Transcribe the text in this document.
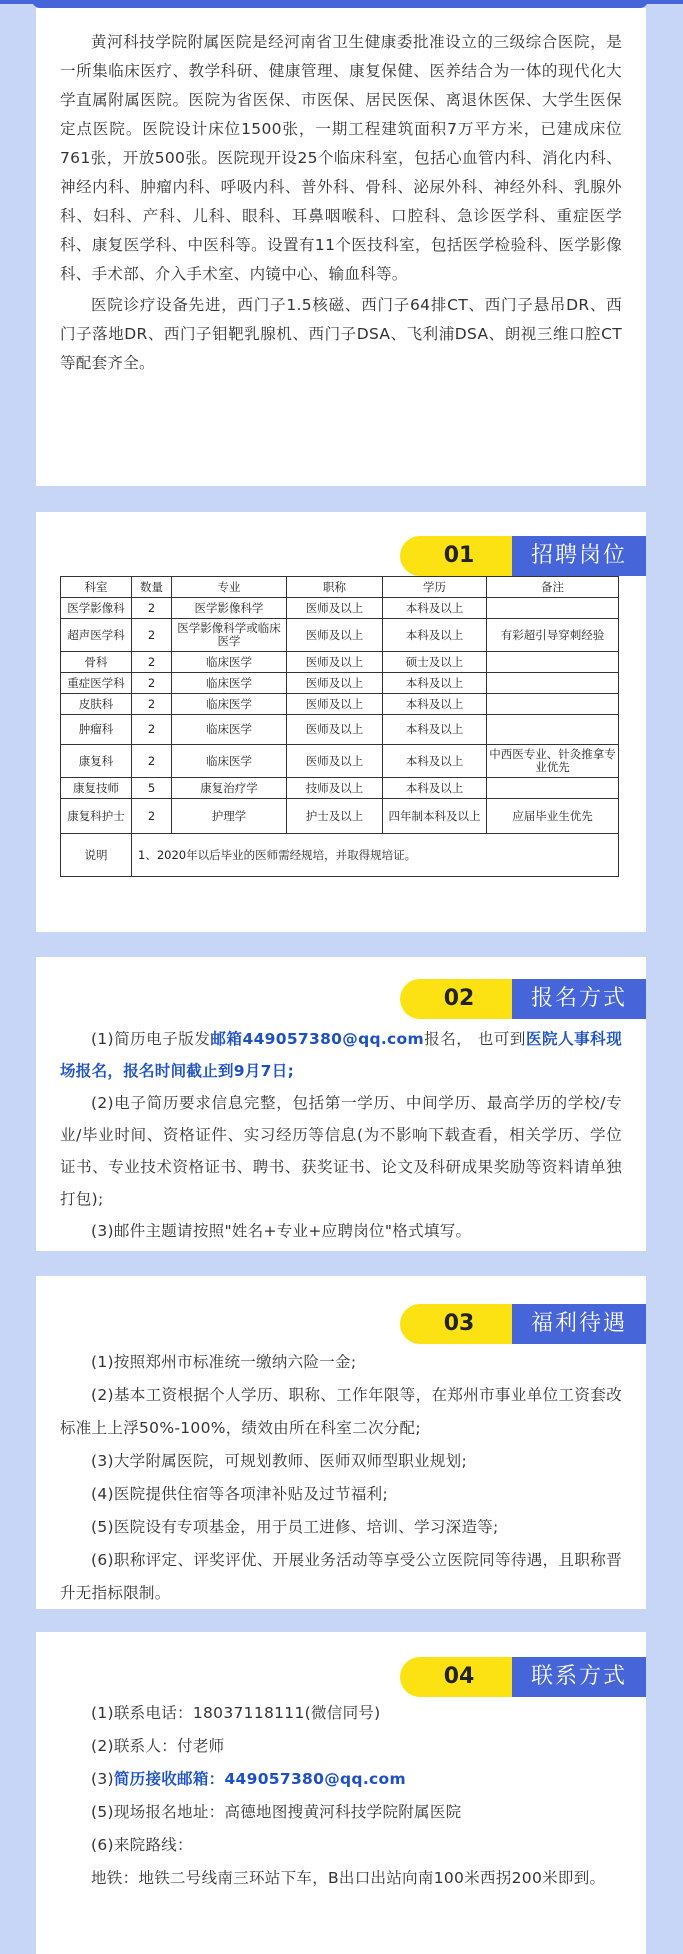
黄河科技学院附属医院是经河南省卫生健康委批准设立的三级综合医院，是一所集临床医疗、教学科研、健康管理、康复保健、医养结合为一体的现代化大学直属附属医院。医院为省医保、市医保、居民医保、离退休医保、大学生医保定点医院。医院设计床位1500张，一期工程建筑面积7万平方米，已建成床位761张，开放500张。医院现开设25个临床科室，包括心血管内科、消化内科、神经内科、肿瘤内科、呼吸内科、普外科、骨科、泌尿外科、神经外科、乳腺外科、妇科、产科、儿科、眼科、耳鼻咽喉科、口腔科、急诊医学科、重症医学科、康复医学科、中医科等。设置有11个医技科室，包括医学检验科、医学影像科、手术部、介入手术室、内镜中心、输血科等。

医院诊疗设备先进，西门子1.5核磁、西门子64排CT、西门子悬吊DR、西门子落地DR、西门子钼靶乳腺机、西门子DSA、飞利浦DSA、朗视三维口腔CT等配套齐全。

01	招聘岗位
科室	数量	专业	职称	学历	备注
医学影像科	2	医学影像科学	医师及以上	本科及以上	
超声医学科	2	医学影像科学或临床医学	医师及以上	本科及以上	有彩超引导穿刺经验
骨科	2	临床医学	医师及以上	硕士及以上	
重症医学科	2	临床医学	医师及以上	本科及以上	
皮肤科	2	临床医学	医师及以上	本科及以上	
肿瘤科	2	临床医学	医师及以上	本科及以上	
康复科	2	临床医学	医师及以上	本科及以上	中西医专业、针灸推拿专业优先
康复技师	5	康复治疗学	技师及以上	本科及以上	
康复科护士	2	护理学	护士及以上	四年制本科及以上	应届毕业生优先
说明	1、2020年以后毕业的医师需经规培，并取得规培证。				
02	报名方式

(1)简历电子版发邮箱449057380@qq.com报名， 也可到医院人事科现场报名，报名时间截止到9月7日;

(2)电子简历要求信息完整，包括第一学历、中间学历、最高学历的学校/专业/毕业时间、资格证件、实习经历等信息(为不影响下载查看，相关学历、学位证书、专业技术资格证书、聘书、获奖证书、论文及科研成果奖励等资料请单独打包);

(3)邮件主题请按照"姓名+专业+应聘岗位"格式填写。

03	福利待遇

(1)按照郑州市标准统一缴纳六险一金;

(2)基本工资根据个人学历、职称、工作年限等，在郑州市事业单位工资套改标准上上浮50%-100%，绩效由所在科室二次分配;

(3)大学附属医院，可规划教师、医师双师型职业规划;

(4)医院提供住宿等各项津补贴及过节福利;

(5)医院设有专项基金，用于员工进修、培训、学习深造等;

(6)职称评定、评奖评优、开展业务活动等享受公立医院同等待遇，且职称晋升无指标限制。

04	联系方式

(1)联系电话：18037118111(微信同号)

(2)联系人：付老师

(3)简历接收邮箱：449057380@qq.com

(5)现场报名地址：高德地图搜黄河科技学院附属医院

(6)来院路线：

地铁：地铁二号线南三环站下车，B出口出站向南100米西拐200米即到。
